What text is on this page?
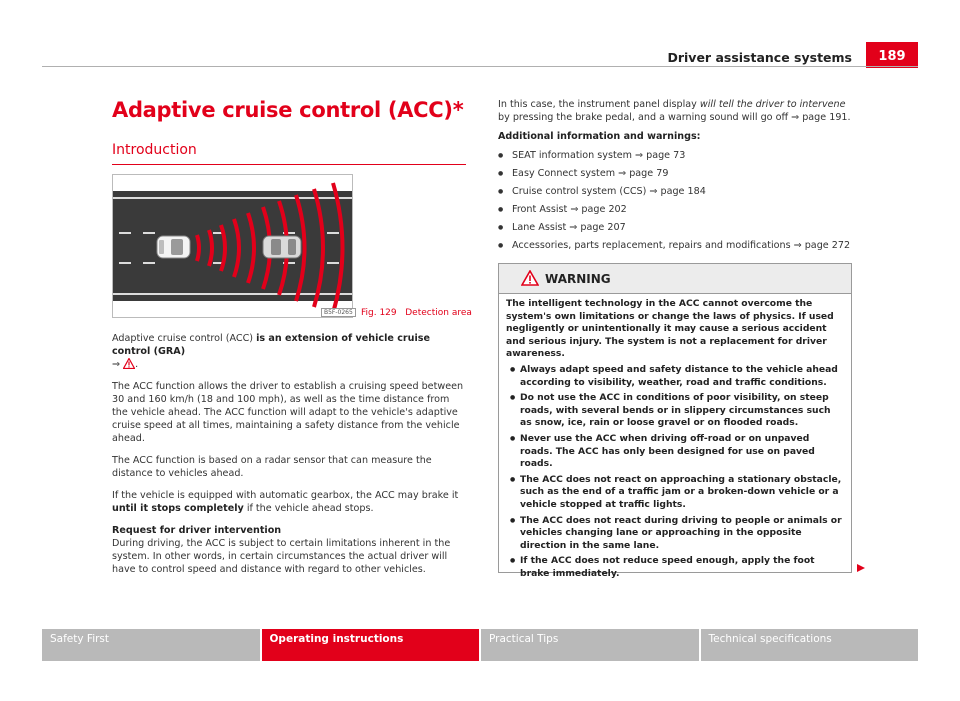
Driver assistance systems	189
Adaptive cruise control (ACC)*
Introduction
B5F-0265 Fig. 129 Detection area

Adaptive cruise control (ACC) is an extension of vehicle cruise control (GRA)
⇒ .

The ACC function allows the driver to establish a cruising speed between 30 and 160 km/h (18 and 100 mph), as well as the time distance from the vehicle ahead. The ACC function will adapt to the vehicle's adaptive cruise speed at all times, maintaining a safety distance from the vehicle ahead.

The ACC function is based on a radar sensor that can measure the distance to vehicles ahead.

If the vehicle is equipped with automatic gearbox, the ACC may brake it until it stops completely if the vehicle ahead stops.

Request for driver intervention

During driving, the ACC is subject to certain limitations inherent in the system. In other words, in certain circumstances the actual driver will have to control speed and distance with regard to other vehicles.

In this case, the instrument panel display will tell the driver to intervene by pressing the brake pedal, and a warning sound will go off ⇒ page 191.

Additional information and warnings:

● SEAT information system ⇒ page 73
● Easy Connect system ⇒ page 79
● Cruise control system (CCS) ⇒ page 184
● Front Assist ⇒ page 202
● Lane Assist ⇒ page 207
● Accessories, parts replacement, repairs and modifications ⇒ page 272
WARNING

The intelligent technology in the ACC cannot overcome the system's own limitations or change the laws of physics. If used negligently or unintentionally it may cause a serious accident and serious injury. The system is not a replacement for driver awareness.

● Always adapt speed and safety distance to the vehicle ahead according to visibility, weather, road and traffic conditions.

● Do not use the ACC in conditions of poor visibility, on steep roads, with several bends or in slippery circumstances such as snow, ice, rain or loose gravel or on flooded roads.

● Never use the ACC when driving off-road or on unpaved roads. The ACC has only been designed for use on paved roads.

● The ACC does not react on approaching a stationary obstacle, such as the end of a traffic jam or a broken-down vehicle or a vehicle stopped at traffic lights.

● The ACC does not react during driving to people or animals or vehicles changing lane or approaching in the opposite direction in the same lane.

● If the ACC does not reduce speed enough, apply the foot brake immediately.

Safety First	Operating instructions	Practical Tips	Technical specifications
